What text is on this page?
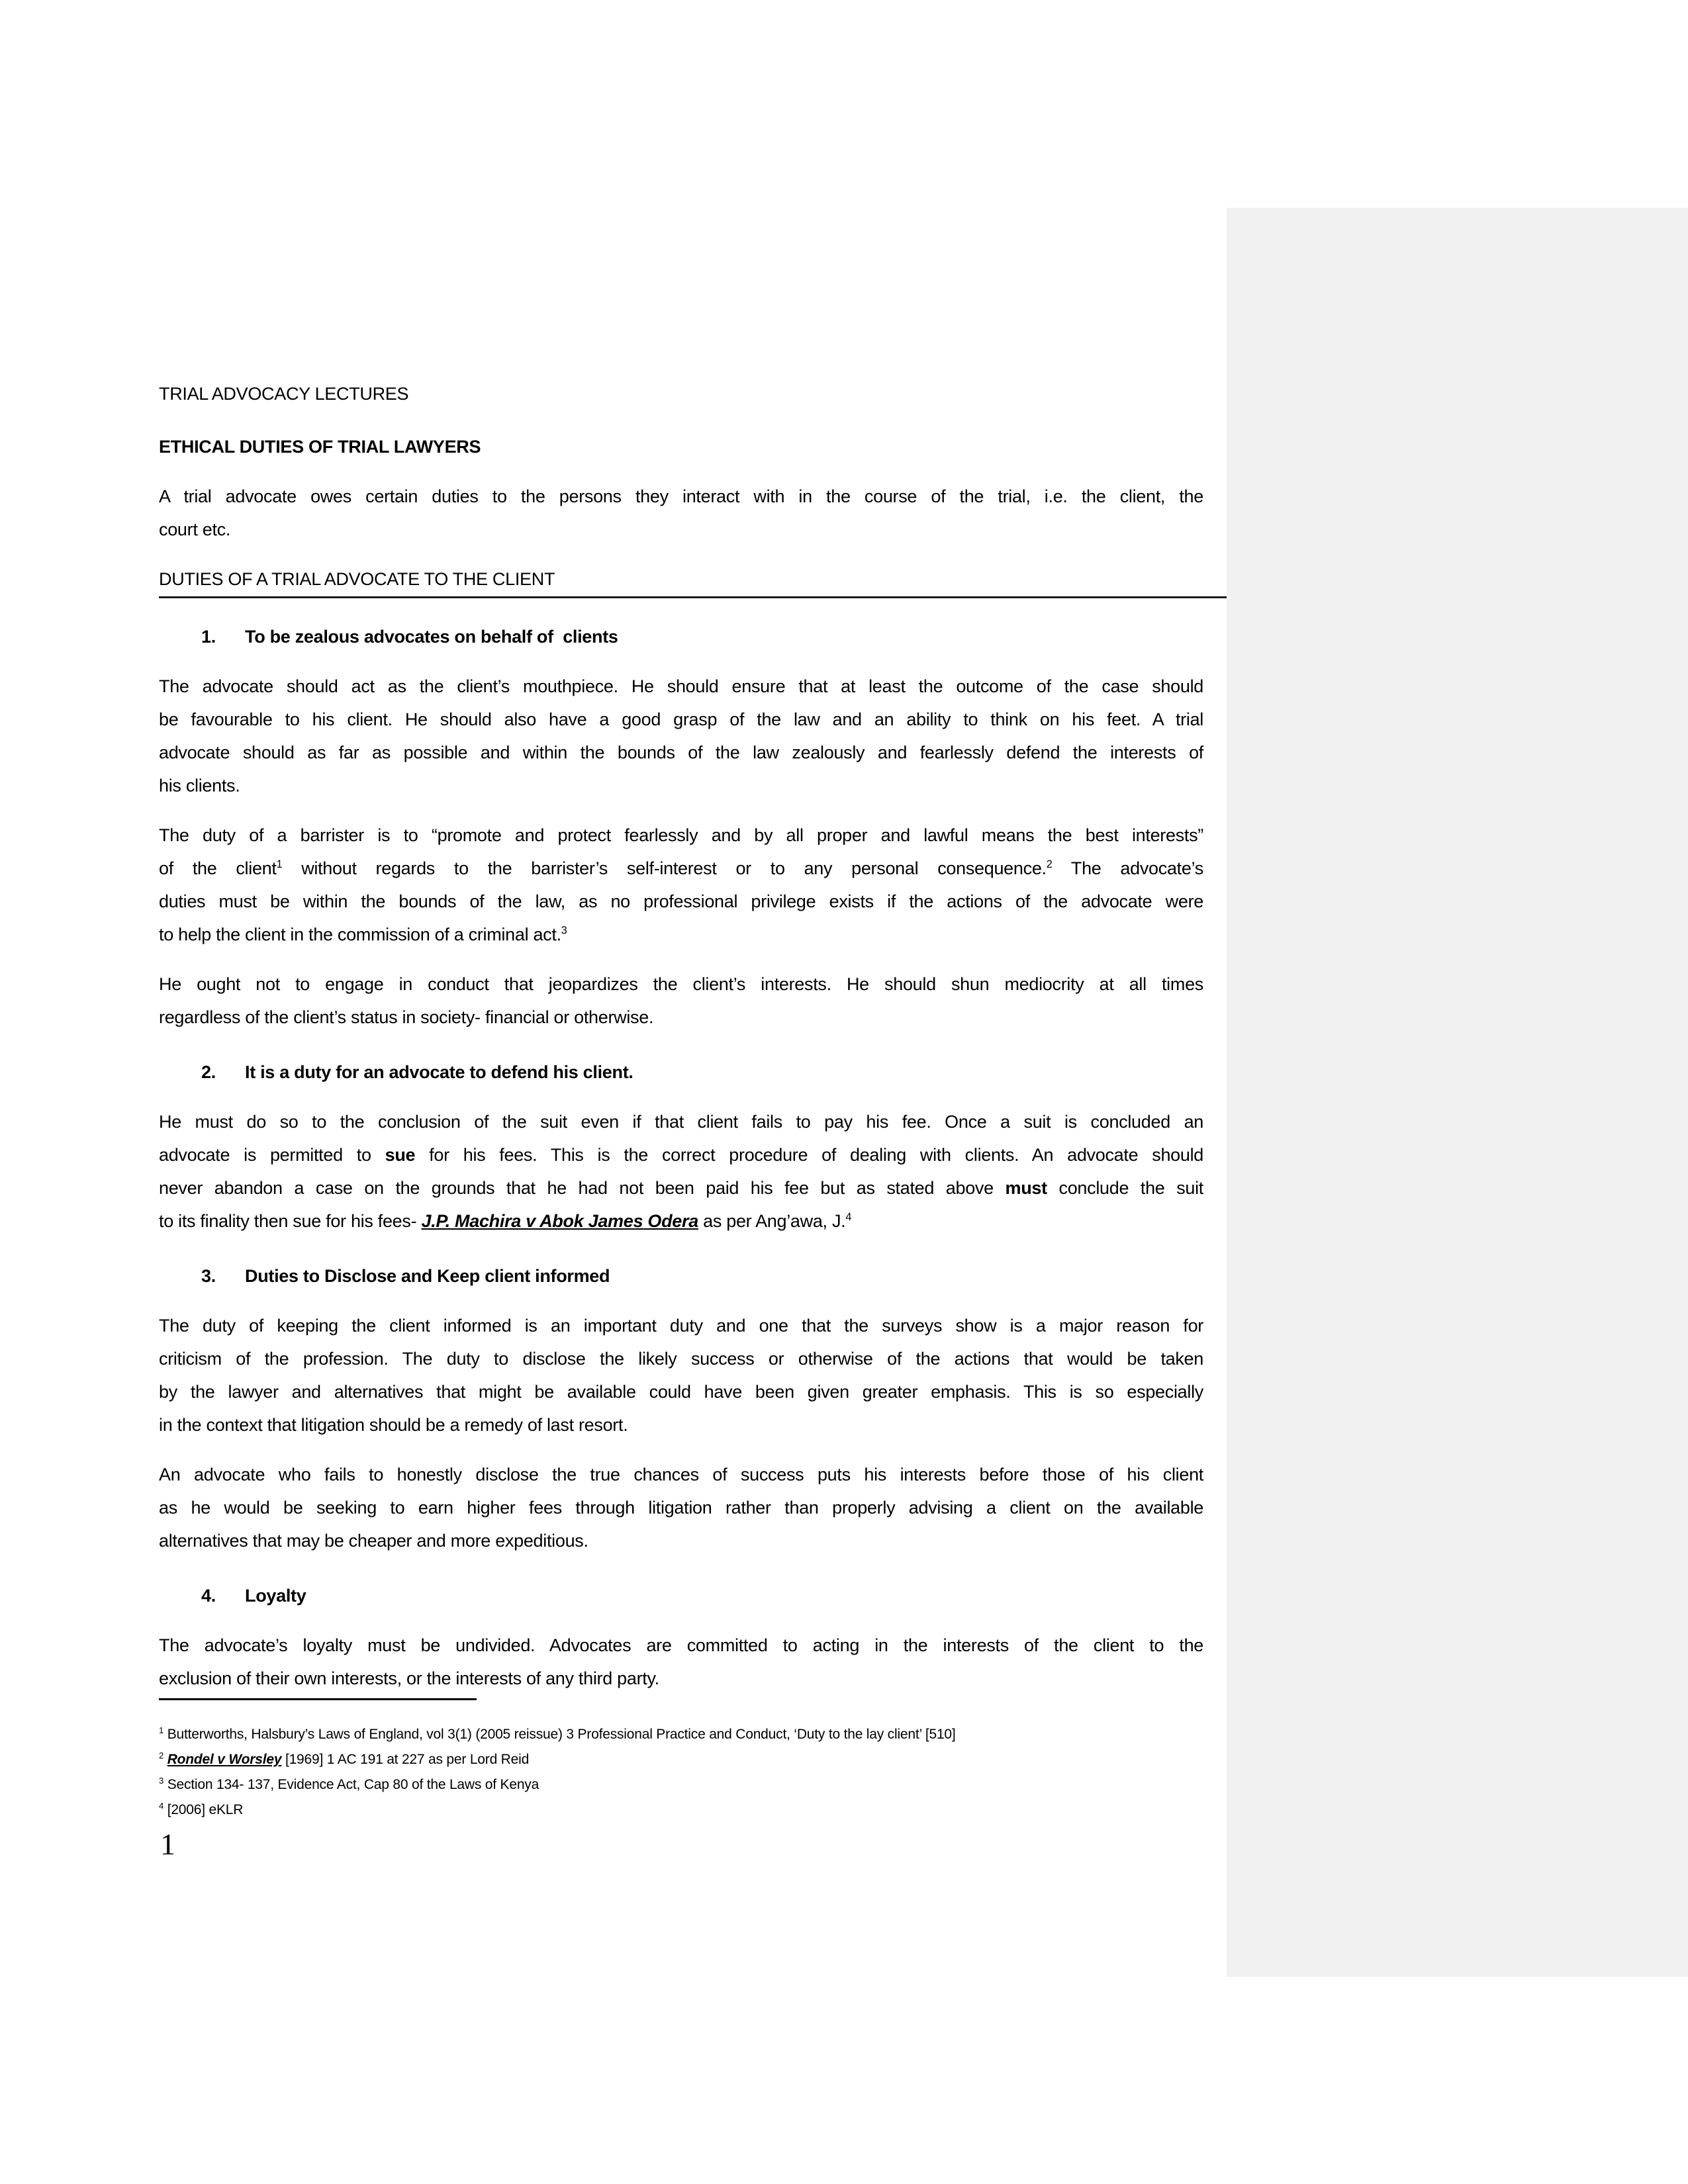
TRIAL ADVOCACY LECTURES
ETHICAL DUTIES OF TRIAL LAWYERS
A trial advocate owes certain duties to the persons they interact with in the course of the trial, i.e. the client, the
court etc.
DUTIES OF A TRIAL ADVOCATE TO THE CLIENT
1. To be zealous advocates on behalf of  clients
The advocate should act as the client’s mouthpiece. He should ensure that at least the outcome of the case should
be favourable to his client. He should also have a good grasp of the law and an ability to think on his feet. A trial
advocate should as far as possible and within the bounds of the law zealously and fearlessly defend the interests of
his clients.
The duty of a barrister is to “promote and protect fearlessly and by all proper and lawful means the best interests”
of the client$^1$ without regards to the barrister’s self-interest or to any personal consequence.$^2$ The advocate’s
duties must be within the bounds of the law, as no professional privilege exists if the actions of the advocate were
to help the client in the commission of a criminal act.$^3$
He ought not to engage in conduct that jeopardizes the client’s interests. He should shun mediocrity at all times
regardless of the client’s status in society- financial or otherwise.
2. It is a duty for an advocate to defend his client.
He must do so to the conclusion of the suit even if that client fails to pay his fee. Once a suit is concluded an
advocate is permitted to sue for his fees. This is the correct procedure of dealing with clients. An advocate should
never abandon a case on the grounds that he had not been paid his fee but as stated above must conclude the suit
to its finality then sue for his fees- J.P. Machira v Abok James Odera as per Ang’awa, J.$^4$
3. Duties to Disclose and Keep client informed
The duty of keeping the client informed is an important duty and one that the surveys show is a major reason for
criticism of the profession. The duty to disclose the likely success or otherwise of the actions that would be taken
by the lawyer and alternatives that might be available could have been given greater emphasis. This is so especially
in the context that litigation should be a remedy of last resort.
An advocate who fails to honestly disclose the true chances of success puts his interests before those of his client
as he would be seeking to earn higher fees through litigation rather than properly advising a client on the available
alternatives that may be cheaper and more expeditious.
4. Loyalty
The advocate’s loyalty must be undivided. Advocates are committed to acting in the interests of the client to the
exclusion of their own interests, or the interests of any third party.
$^1$ Butterworths, Halsbury’s Laws of England, vol 3(1) (2005 reissue) 3 Professional Practice and Conduct, ‘Duty to the lay client’ [510]
$^2$ Rondel v Worsley [1969] 1 AC 191 at 227 as per Lord Reid
$^3$ Section 134- 137, Evidence Act, Cap 80 of the Laws of Kenya
$^4$ [2006] eKLR
1
